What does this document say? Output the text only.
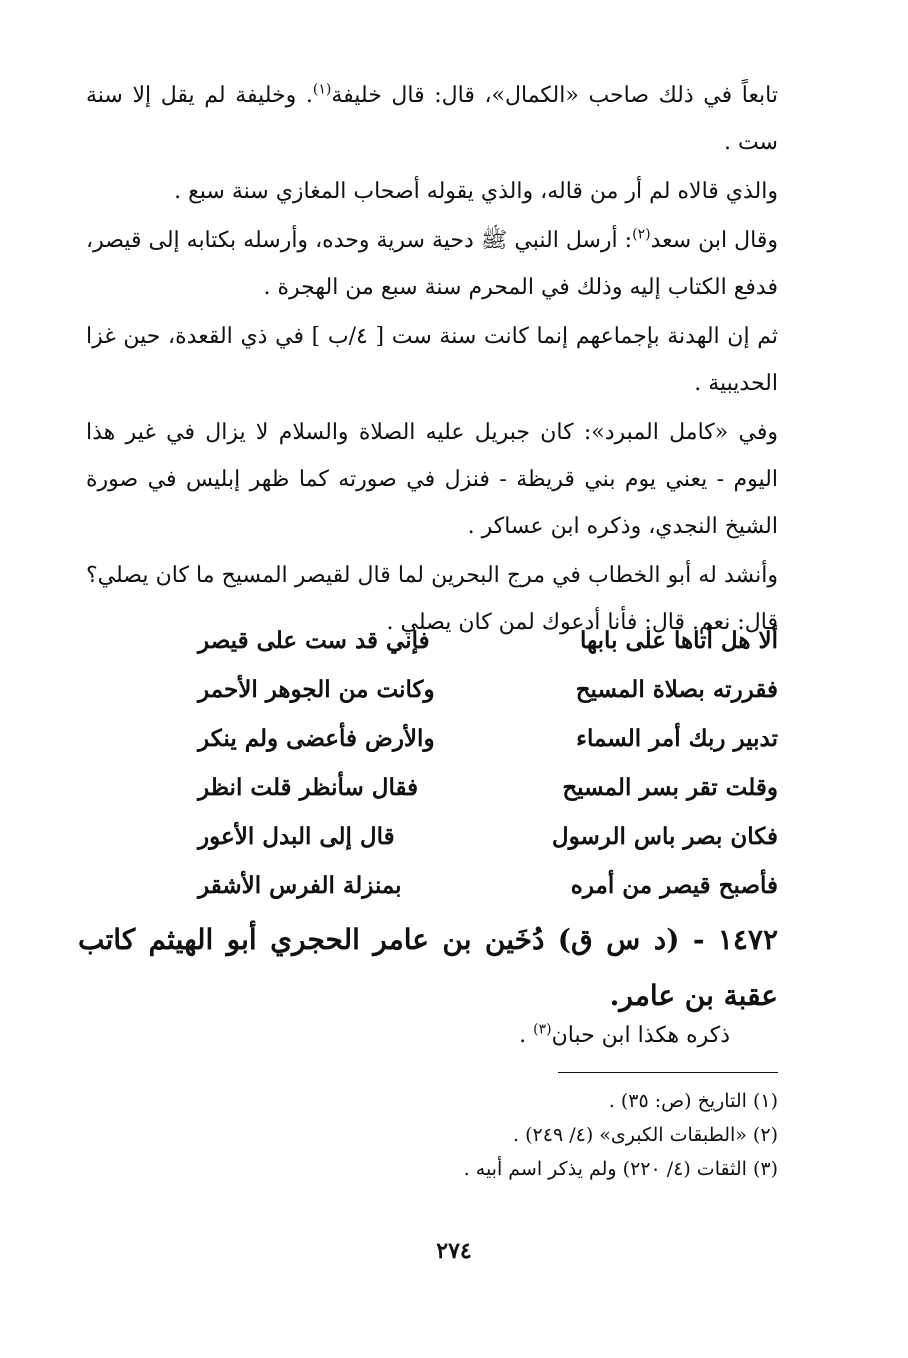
تابعاً في ذلك صاحب «الكمال»، قال: قال خليفة$^{(١)}$. وخليفة لم يقل إلا سنة ست .

والذي قالاه لم أر من قاله، والذي يقوله أصحاب المغازي سنة سبع .

وقال ابن سعد$^{(٢)}$: أرسل النبي ﷺ دحية سرية وحده، وأرسله بكتابه إلى قيصر، فدفع الكتاب إليه وذلك في المحرم سنة سبع من الهجرة .

ثم إن الهدنة بإجماعهم إنما كانت سنة ست [ ٤/ب ] في ذي القعدة، حين غزا الحديبية .

وفي «كامل المبرد»: كان جبريل عليه الصلاة والسلام لا يزال في غير هذا اليوم - يعني يوم بني قريظة - فنزل في صورته كما ظهر إبليس في صورة الشيخ النجدي، وذكره ابن عساكر .

وأنشد له أبو الخطاب في مرج البحرين لما قال لقيصر المسيح ما كان يصلي؟ قال: نعم. قال: فأنا أدعوك لمن كان يصلي .

ألا هل أتاها على بابها
فإني قد ست على قيصر
فقررته بصلاة المسيح
وكانت من الجوهر الأحمر
تدبير ربك أمر السماء
والأرض فأعضى ولم ينكر
وقلت تقر بسر المسيح
فقال سأنظر قلت انظر
فكان بصر باس الرسول
قال إلى البدل الأعور
فأصبح قيصر من أمره
بمنزلة الفرس الأشقر
١٤٧٢ - (د س ق) دُخَين بن عامر الحجري أبو الهيثم كاتب عقبة بن عامر.
ذكره هكذا ابن حبان$^{(٣)}$ .
(١) التاريخ (ص: ٣٥) .
(٢) «الطبقات الكبرى» (٤/ ٢٤٩) .
(٣) الثقات (٤/ ٢٢٠) ولم يذكر اسم أبيه .
٢٧٤
